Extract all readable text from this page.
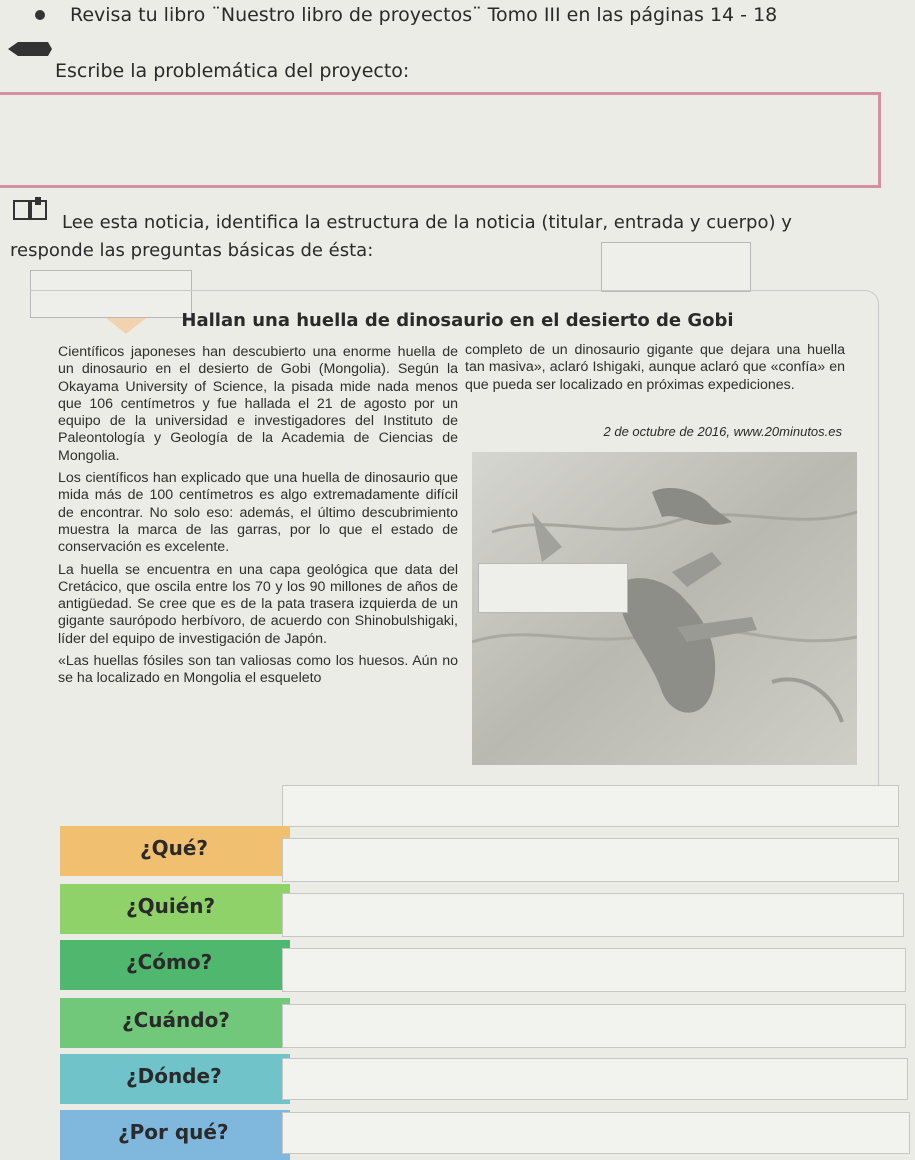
Revisa tu libro ¨Nuestro libro de proyectos¨ Tomo III en las páginas 14 - 18
Escribe la problemática del proyecto:
Lee esta noticia, identifica la estructura de la noticia (titular, entrada y cuerpo) y
responde las preguntas básicas de ésta:
Hallan una huella de dinosaurio en el desierto de Gobi

Científicos japoneses han descubierto una enorme huella de un dinosaurio en el desierto de Gobi (Mongolia). Según la Okayama University of Science, la pisada mide nada menos que 106 centímetros y fue hallada el 21 de agosto por un equipo de la universidad e investigadores del Instituto de Paleontología y Geología de la Academia de Ciencias de Mongolia.

Los científicos han explicado que una huella de dinosaurio que mida más de 100 centímetros es algo extremadamente difícil de encontrar. No solo eso: además, el último descubrimiento muestra la marca de las garras, por lo que el estado de conservación es excelente.

La huella se encuentra en una capa geológica que data del Cretácico, que oscila entre los 70 y los 90 millones de años de antigüedad. Se cree que es de la pata trasera izquierda de un gigante saurópodo herbívoro, de acuerdo con Shinobulshigaki, líder del equipo de investigación de Japón.

«Las huellas fósiles son tan valiosas como los huesos. Aún no se ha localizado en Mongolia el esqueleto

completo de un dinosaurio gigante que dejara una huella tan masiva», aclaró Ishigaki, aunque aclaró que «confía» en que pueda ser localizado en próximas expediciones.
2 de octubre de 2016, www.20minutos.es
¿Qué?
¿Quién?
¿Cómo?
¿Cuándo?
¿Dónde?
¿Por qué?
